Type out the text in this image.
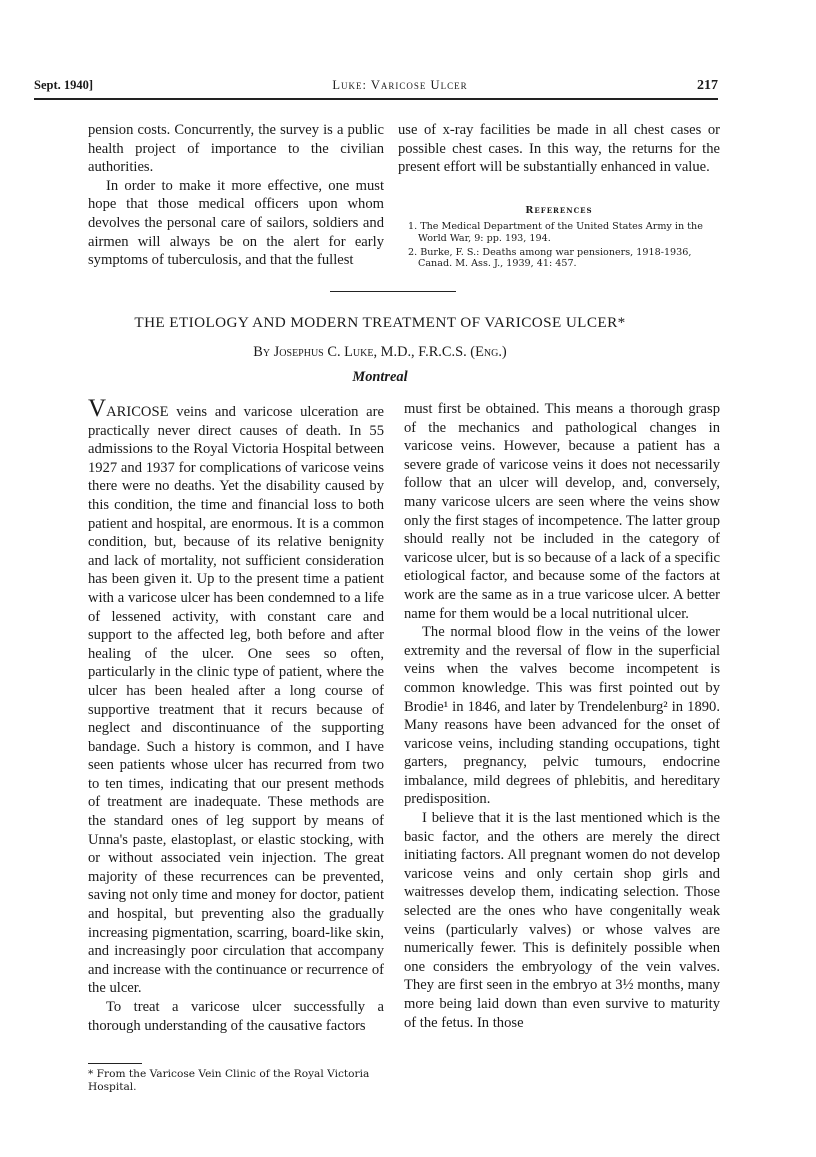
Sept. 1940]	Luke: Varicose Ulcer	217

pension costs. Concurrently, the survey is a public health project of importance to the civilian authorities.

In order to make it more effective, one must hope that those medical officers upon whom devolves the personal care of sailors, soldiers and airmen will always be on the alert for early symptoms of tuberculosis, and that the fullest

use of x-ray facilities be made in all chest cases or possible chest cases. In this way, the returns for the present effort will be substantially enhanced in value.

References
1. The Medical Department of the United States Army in the World War, 9: pp. 193, 194.
2. Burke, F. S.: Deaths among war pensioners, 1918-1936, Canad. M. Ass. J., 1939, 41: 457.
THE ETIOLOGY AND MODERN TREATMENT OF VARICOSE ULCER*
By Josephus C. Luke, M.D., F.R.C.S. (Eng.)
Montreal

VARICOSE veins and varicose ulceration are practically never direct causes of death. In 55 admissions to the Royal Victoria Hospital between 1927 and 1937 for complications of varicose veins there were no deaths. Yet the disability caused by this condition, the time and financial loss to both patient and hospital, are enormous. It is a common condition, but, because of its relative benignity and lack of mortality, not sufficient consideration has been given it. Up to the present time a patient with a varicose ulcer has been condemned to a life of lessened activity, with constant care and support to the affected leg, both before and after healing of the ulcer. One sees so often, particularly in the clinic type of patient, where the ulcer has been healed after a long course of supportive treatment that it recurs because of neglect and discontinuance of the supporting bandage. Such a history is common, and I have seen patients whose ulcer has recurred from two to ten times, indicating that our present methods of treatment are inadequate. These methods are the standard ones of leg support by means of Unna's paste, elastoplast, or elastic stocking, with or without associated vein injection. The great majority of these recurrences can be prevented, saving not only time and money for doctor, patient and hospital, but preventing also the gradually increasing pigmentation, scarring, board-like skin, and increasingly poor circulation that accompany and increase with the continuance or recurrence of the ulcer.

To treat a varicose ulcer successfully a thorough understanding of the causative factors

must first be obtained. This means a thorough grasp of the mechanics and pathological changes in varicose veins. However, because a patient has a severe grade of varicose veins it does not necessarily follow that an ulcer will develop, and, conversely, many varicose ulcers are seen where the veins show only the first stages of incompetence. The latter group should really not be included in the category of varicose ulcer, but is so because of a lack of a specific etiological factor, and because some of the factors at work are the same as in a true varicose ulcer. A better name for them would be a local nutritional ulcer.

The normal blood flow in the veins of the lower extremity and the reversal of flow in the superficial veins when the valves become incompetent is common knowledge. This was first pointed out by Brodie¹ in 1846, and later by Trendelenburg² in 1890. Many reasons have been advanced for the onset of varicose veins, including standing occupations, tight garters, pregnancy, pelvic tumours, endocrine imbalance, mild degrees of phlebitis, and hereditary predisposition.

I believe that it is the last mentioned which is the basic factor, and the others are merely the direct initiating factors. All pregnant women do not develop varicose veins and only certain shop girls and waitresses develop them, indicating selection. Those selected are the ones who have congenitally weak veins (particularly valves) or whose valves are numerically fewer. This is definitely possible when one considers the embryology of the vein valves. They are first seen in the embryo at 3½ months, many more being laid down than even survive to maturity of the fetus. In those

* From the Varicose Vein Clinic of the Royal Victoria Hospital.
